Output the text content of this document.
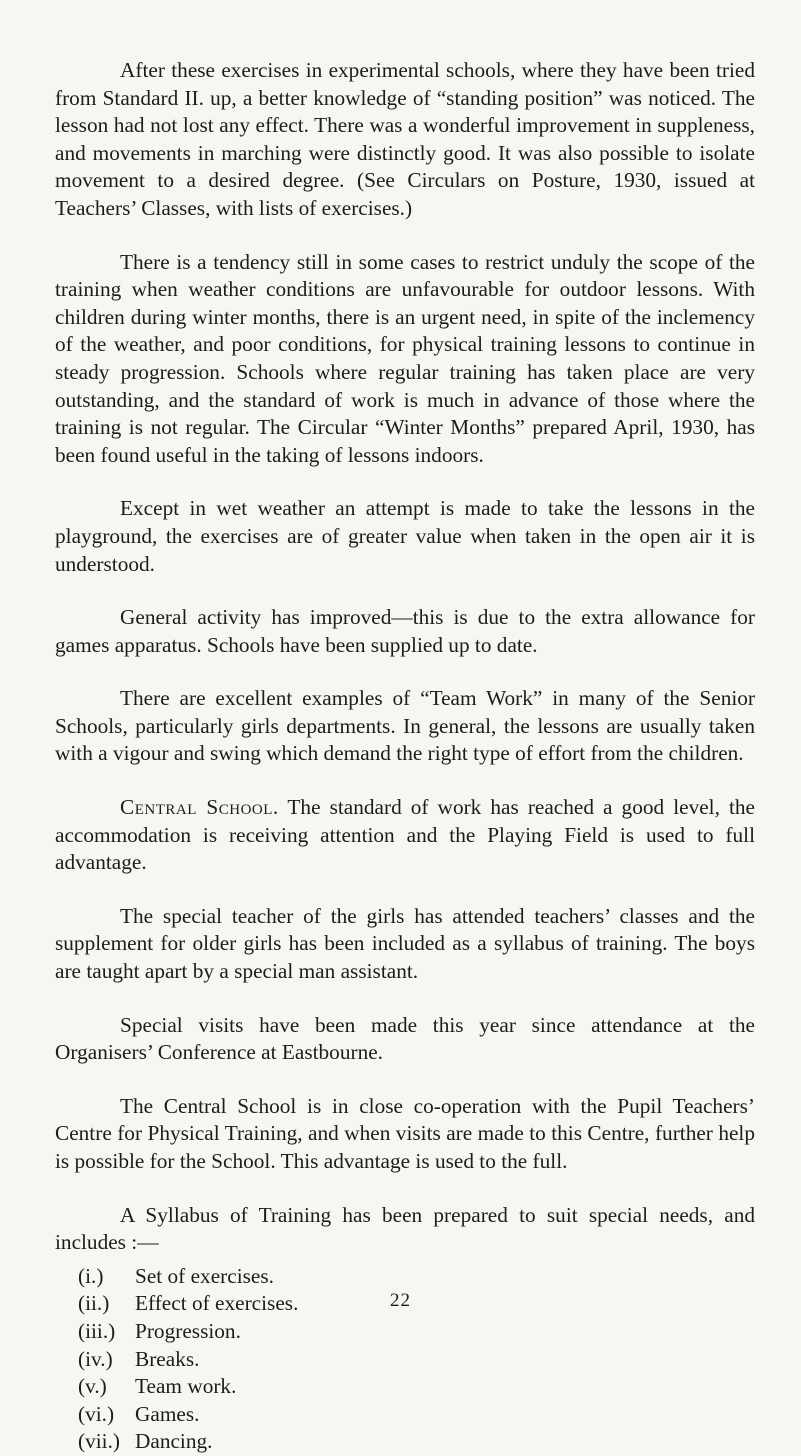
After these exercises in experimental schools, where they have been tried from Standard II. up, a better knowledge of “standing position” was noticed. The lesson had not lost any effect. There was a wonderful improvement in suppleness, and movements in marching were distinctly good. It was also possible to isolate movement to a desired degree. (See Circulars on Posture, 1930, issued at Teachers’ Classes, with lists of exercises.)

There is a tendency still in some cases to restrict unduly the scope of the training when weather conditions are unfavourable for outdoor lessons. With children during winter months, there is an urgent need, in spite of the inclemency of the weather, and poor conditions, for physical training lessons to continue in steady progression. Schools where regular training has taken place are very outstanding, and the standard of work is much in advance of those where the training is not regular. The Circular “Winter Months” prepared April, 1930, has been found useful in the taking of lessons indoors.

Except in wet weather an attempt is made to take the lessons in the playground, the exercises are of greater value when taken in the open air it is understood.

General activity has improved—this is due to the extra allowance for games apparatus. Schools have been supplied up to date.

There are excellent examples of “Team Work” in many of the Senior Schools, particularly girls departments. In general, the lessons are usually taken with a vigour and swing which demand the right type of effort from the children.

Central School. The standard of work has reached a good level, the accommodation is receiving attention and the Playing Field is used to full advantage.

The special teacher of the girls has attended teachers’ classes and the supplement for older girls has been included as a syllabus of training. The boys are taught apart by a special man assistant.

Special visits have been made this year since attendance at the Organisers’ Conference at Eastbourne.

The Central School is in close co-operation with the Pupil Teachers’ Centre for Physical Training, and when visits are made to this Centre, further help is possible for the School. This advantage is used to the full.

A Syllabus of Training has been prepared to suit special needs, and includes :—

(i.)	Set of exercises.
(ii.)	Effect of exercises.
(iii.) Progression.
(iv.)	Breaks.
(v.)	Team work.
(vi.) Games.
(vii.) Dancing.
22
